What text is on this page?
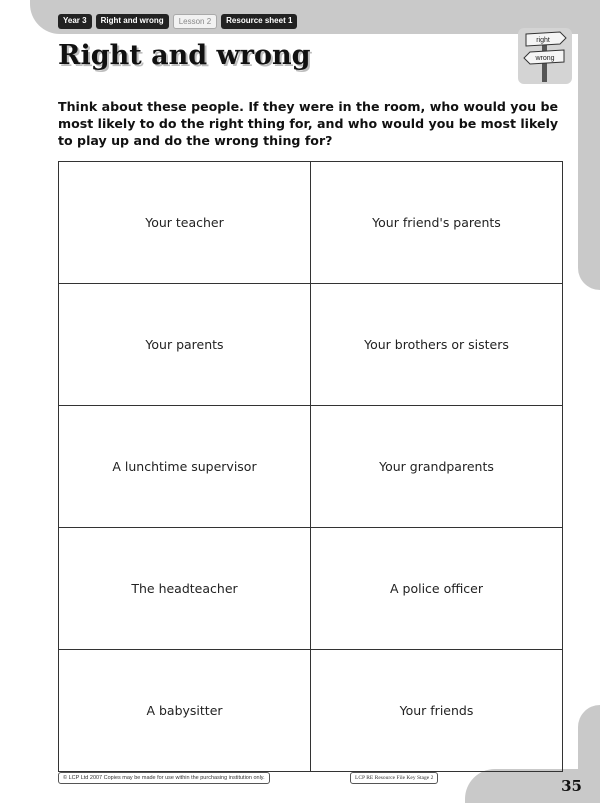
Year 3	Right and wrong	Lesson 2	Resource sheet 1
Right and wrong	right
wrong

Think about these people. If they were in the room, who would you be most likely to do the right thing for, and who would you be most likely to play up and do the wrong thing for?

Your teacher	Your friend's parents
Your parents	Your brothers or sisters
A lunchtime supervisor	Your grandparents
The headteacher	A police officer
A babysitter	Your friends
© LCP Ltd 2007 Copies may be made for use within the purchasing institution only.	LCP RE Resource File Key Stage 2	35
